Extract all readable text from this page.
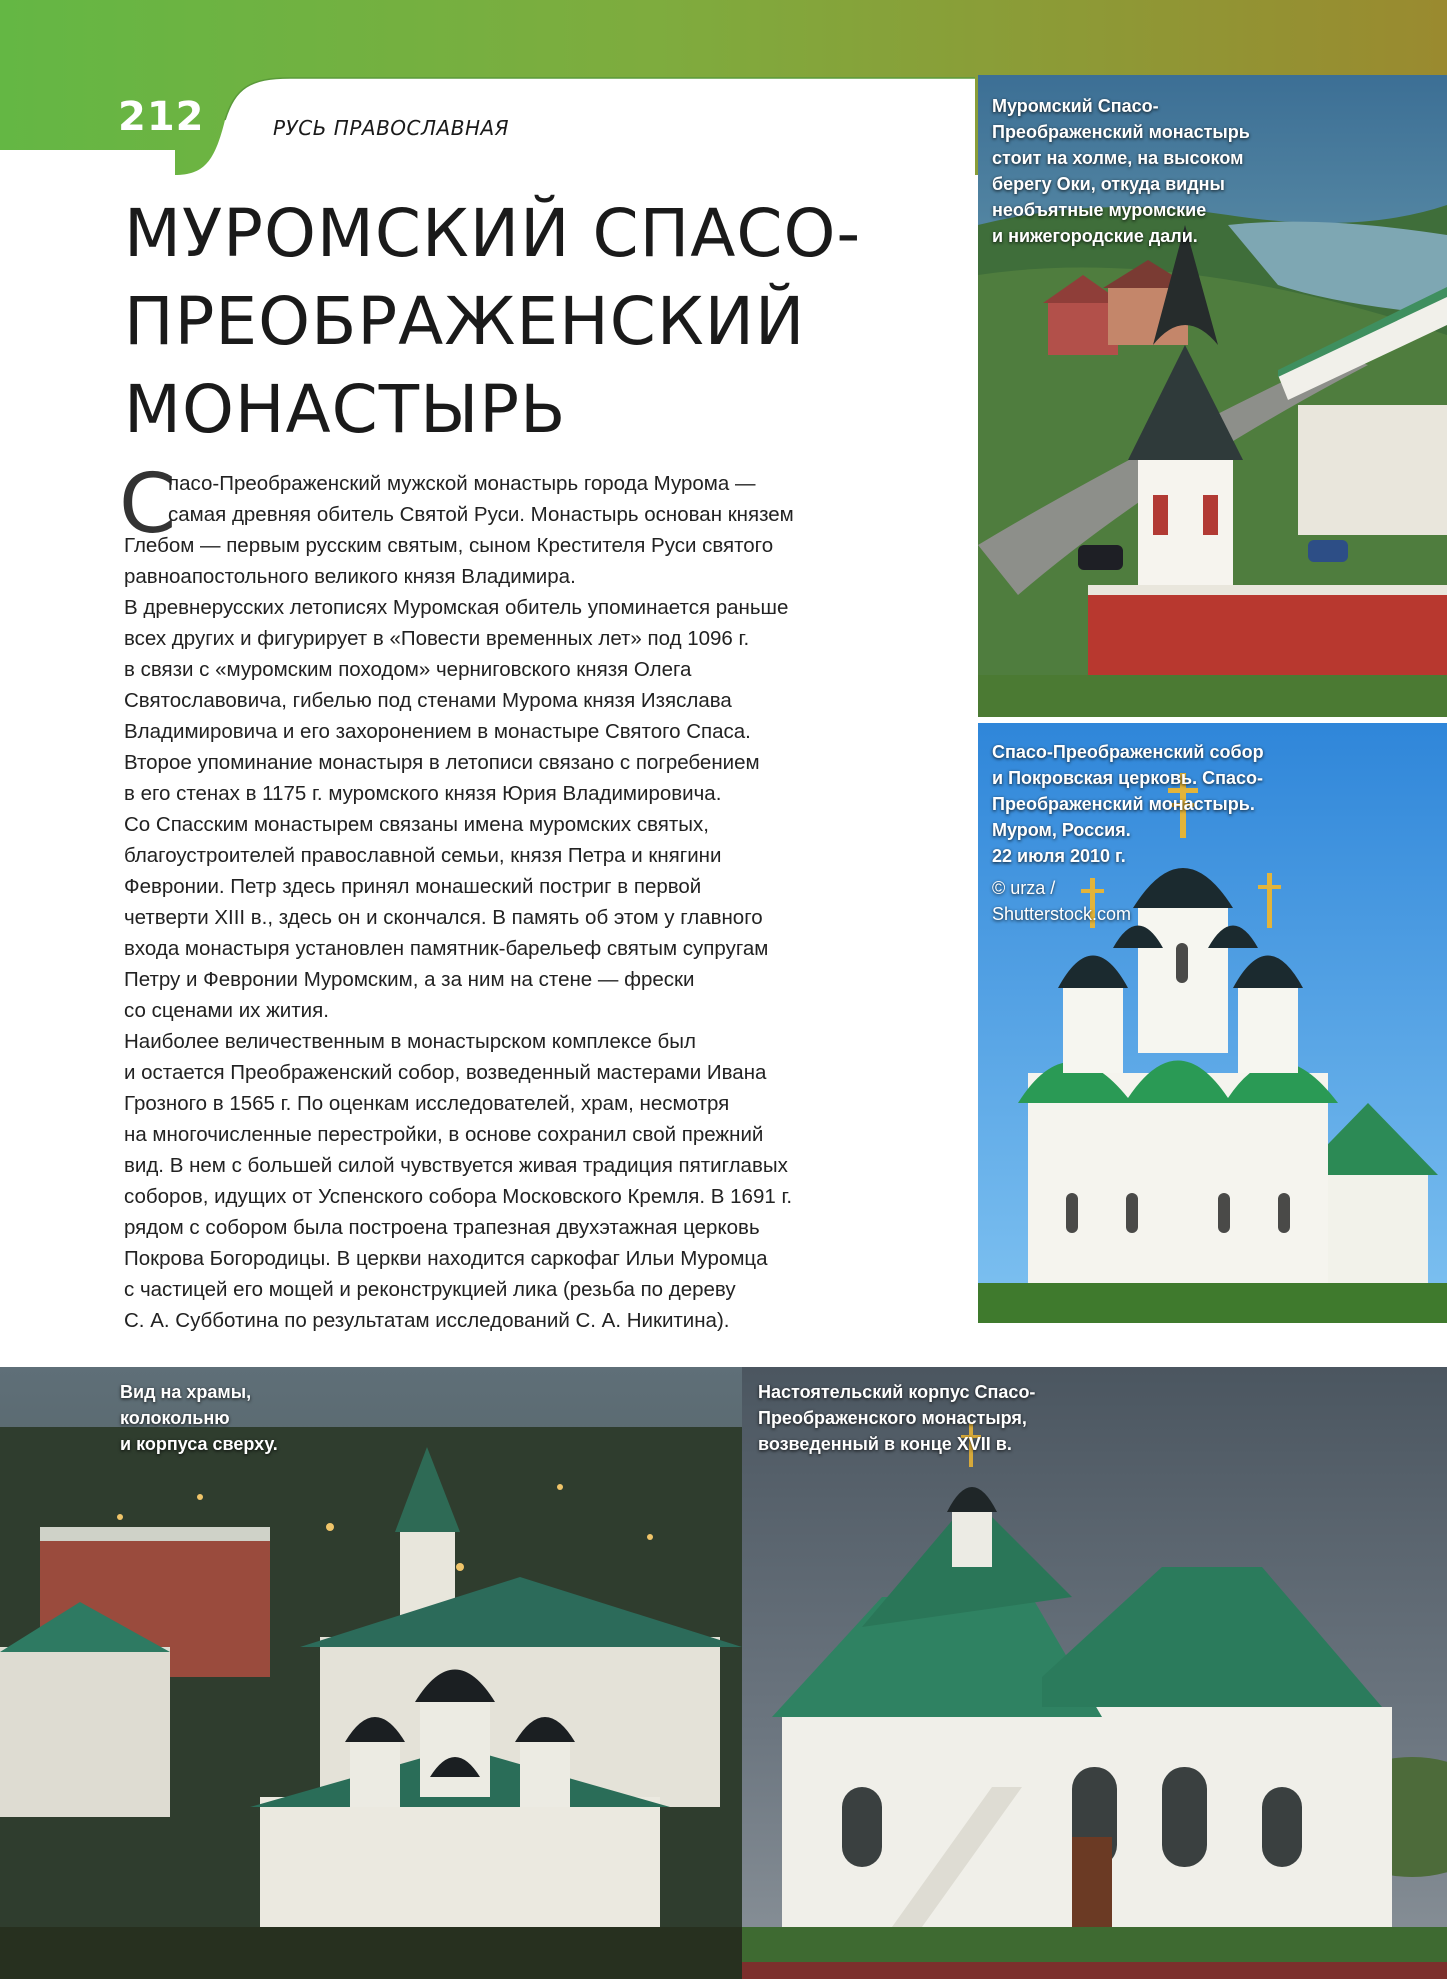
212	РУСЬ ПРАВОСЛАВНАЯ
МУРОМСКИЙ СПАСО-
ПРЕОБРАЖЕНСКИЙ
МОНАСТЫРЬ
С

пасо-Преображенский мужской монастырь города Мурома —

самая древняя обитель Святой Руси. Монастырь основан князем

Глебом — первым русским святым, сыном Крестителя Руси святого

равноапостольного великого князя Владимира.

В древнерусских летописях Муромская обитель упоминается раньше

всех других и фигурирует в «Повести временных лет» под 1096 г.

в связи с «муромским походом» черниговского князя Олега

Святославовича, гибелью под стенами Мурома князя Изяслава

Владимировича и его захоронением в монастыре Святого Спаса.

Второе упоминание монастыря в летописи связано с погребением

в его стенах в 1175 г. муромского князя Юрия Владимировича.

Со Спасским монастырем связаны имена муромских святых,

благоустроителей православной семьи, князя Петра и княгини

Февронии. Петр здесь принял монашеский постриг в первой

четверти XIII в., здесь он и скончался. В память об этом у главного

входа монастыря установлен памятник-барельеф святым супругам

Петру и Февронии Муромским, а за ним на стене — фрески

со сценами их жития.

Наиболее величественным в монастырском комплексе был

и остается Преображенский собор, возведенный мастерами Ивана

Грозного в 1565 г. По оценкам исследователей, храм, несмотря

на многочисленные перестройки, в основе сохранил свой прежний

вид. В нем с большей силой чувствуется живая традиция пятиглавых

соборов, идущих от Успенского собора Московского Кремля. В 1691 г.

рядом с собором была построена трапезная двухэтажная церковь

Покрова Богородицы. В церкви находится саркофаг Ильи Муромца

с частицей его мощей и реконструкцией лика (резьба по дереву

С. А. Субботина по результатам исследований С. А. Никитина).

Муромский Спасо-
Преображенский монастырь
стоит на холме, на высоком
берегу Оки, откуда видны
необъятные муромские
и нижегородские дали.
Спасо-Преображенский собор
и Покровская церковь. Спасо-
Преображенский монастырь.
Муром, Россия.
22 июля 2010 г.
© urza /
Shutterstock.com
Вид на храмы,
колокольню
и корпуса сверху.
Настоятельский корпус Спасо-
Преображенского монастыря,
возведенный в конце XVII в.
